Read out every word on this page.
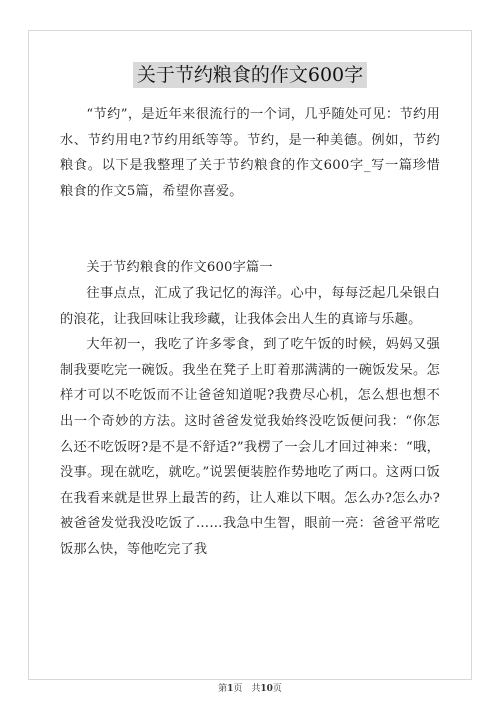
关于节约粮食的作文600字

“节约”，是近年来很流行的一个词，几乎随处可见：节约用水、节约用电?节约用纸等等。节约，是一种美德。例如，节约粮食。以下是我整理了关于节约粮食的作文600字_写一篇珍惜粮食的作文5篇，希望你喜爱。

关于节约粮食的作文600字篇一

往事点点，汇成了我记忆的海洋。心中，每每泛起几朵银白的浪花，让我回味让我珍藏，让我体会出人生的真谛与乐趣。

大年初一，我吃了许多零食，到了吃午饭的时候，妈妈又强制我要吃完一碗饭。我坐在凳子上盯着那满满的一碗饭发呆。怎样才可以不吃饭而不让爸爸知道呢?我费尽心机，怎么想也想不出一个奇妙的方法。这时爸爸发觉我始终没吃饭便问我：“你怎么还不吃饭呀?是不是不舒适?”我楞了一会儿才回过神来：“哦，没事。现在就吃，就吃。”说罢便装腔作势地吃了两口。这两口饭在我看来就是世界上最苦的药，让人难以下咽。怎么办?怎么办?被爸爸发觉我没吃饭了……我急中生智，眼前一亮：爸爸平常吃饭那么快，等他吃完了我

第1页　共10页
